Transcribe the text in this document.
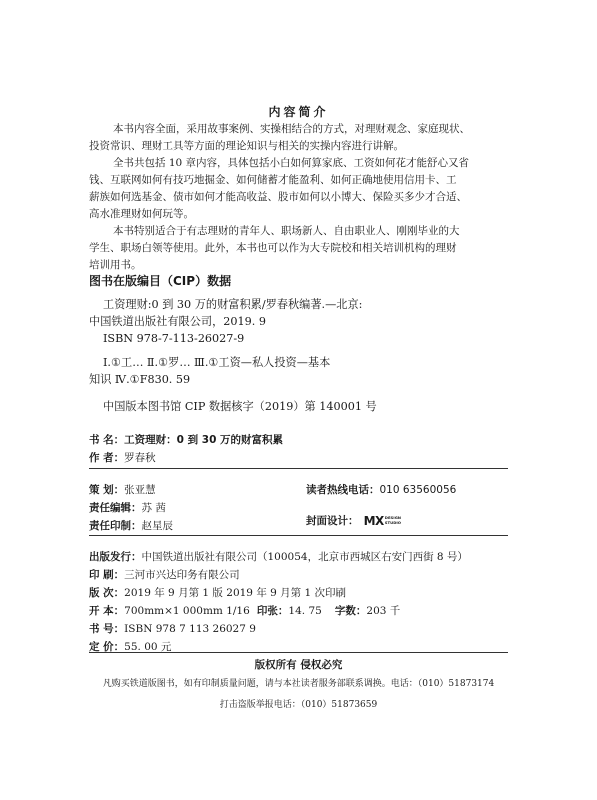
内容简介
本书内容全面，采用故事案例、实操相结合的方式，对理财观念、家庭现状、
投资常识、理财工具等方面的理论知识与相关的实操内容进行讲解。
全书共包括 10 章内容，具体包括小白如何算家底、工资如何花才能舒心又省
钱、互联网如何有技巧地掘金、如何储蓄才能盈利、如何正确地使用信用卡、工
薪族如何选基金、债市如何才能高收益、股市如何以小博大、保险买多少才合适、
高水准理财如何玩等。
本书特别适合于有志理财的青年人、职场新人、自由职业人、刚刚毕业的大
学生、职场白领等使用。此外，本书也可以作为大专院校和相关培训机构的理财
培训用书。
图书在版编目（CIP）数据
工资理财:0 到 30 万的财富积累/罗春秋编著.—北京:
中国铁道出版社有限公司，2019. 9
ISBN 978-7-113-26027-9
Ⅰ.①工… Ⅱ.①罗… Ⅲ.①工资—私人投资—基本
知识 Ⅳ.①F830. 59
中国版本图书馆 CIP 数据核字（2019）第 140001 号
书 名：工资理财：0 到 30 万的财富积累
作 者：罗春秋
策 划：张亚慧	读者热线电话：010 63560056
责任编辑：苏 茜
封面设计： MXDESIGN
STUDIO
责任印制：赵星辰
出版发行：中国铁道出版社有限公司（100054，北京市西城区右安门西街 8 号）
印 刷：三河市兴达印务有限公司
版 次：2019 年 9 月第 1 版 2019 年 9 月第 1 次印刷
开 本：700mm×1 000mm 1/16 印张：14. 75 字数：203 千
书 号：ISBN 978 7 113 26027 9
定 价：55. 00 元
版权所有 侵权必究
凡购买铁道版图书，如有印制质量问题，请与本社读者服务部联系调换。电话：（010）51873174
打击盗版举报电话：（010）51873659
